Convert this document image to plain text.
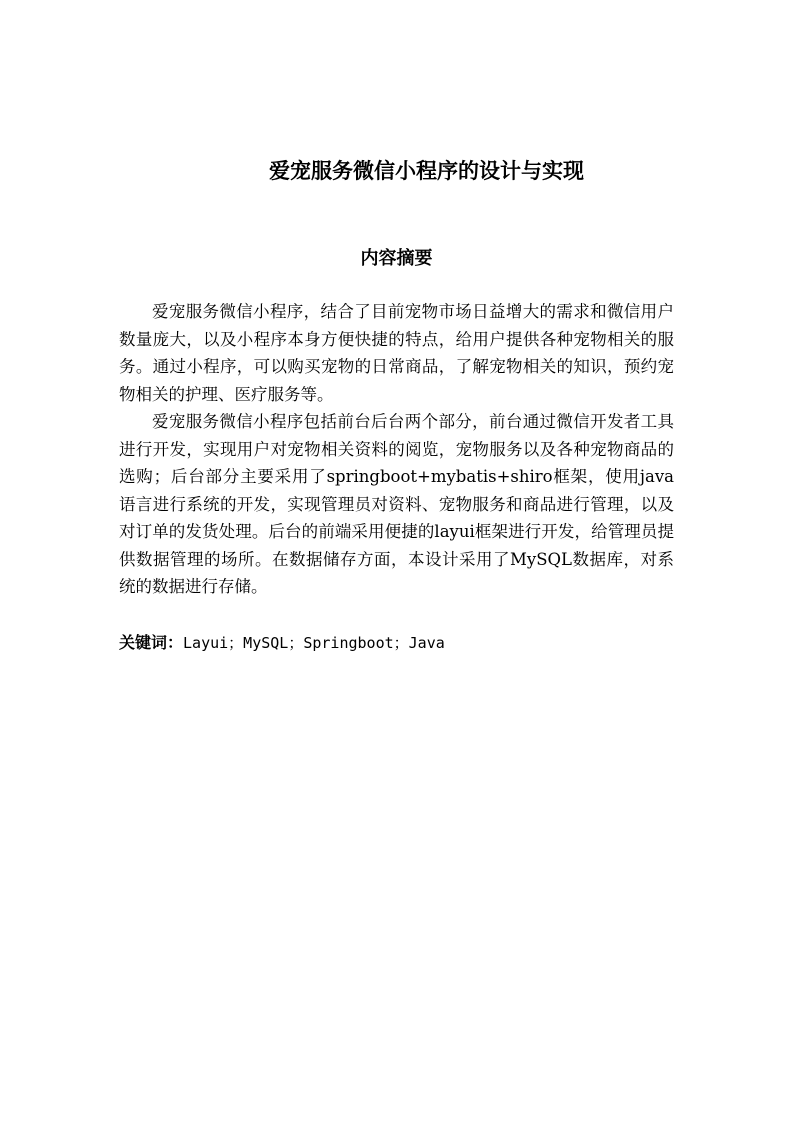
爱宠服务微信小程序的设计与实现
内容摘要

爱宠服务微信小程序，结合了目前宠物市场日益增大的需求和微信用户数量庞大，以及小程序本身方便快捷的特点，给用户提供各种宠物相关的服务。通过小程序，可以购买宠物的日常商品，了解宠物相关的知识，预约宠物相关的护理、医疗服务等。

爱宠服务微信小程序包括前台后台两个部分，前台通过微信开发者工具进行开发，实现用户对宠物相关资料的阅览，宠物服务以及各种宠物商品的选购；后台部分主要采用了springboot+mybatis+shiro框架，使用java语言进行系统的开发，实现管理员对资料、宠物服务和商品进行管理，以及对订单的发货处理。后台的前端采用便捷的layui框架进行开发，给管理员提供数据管理的场所。在数据储存方面，本设计采用了MySQL数据库，对系统的数据进行存储。

关键词：Layui；MySQL；Springboot；Java
